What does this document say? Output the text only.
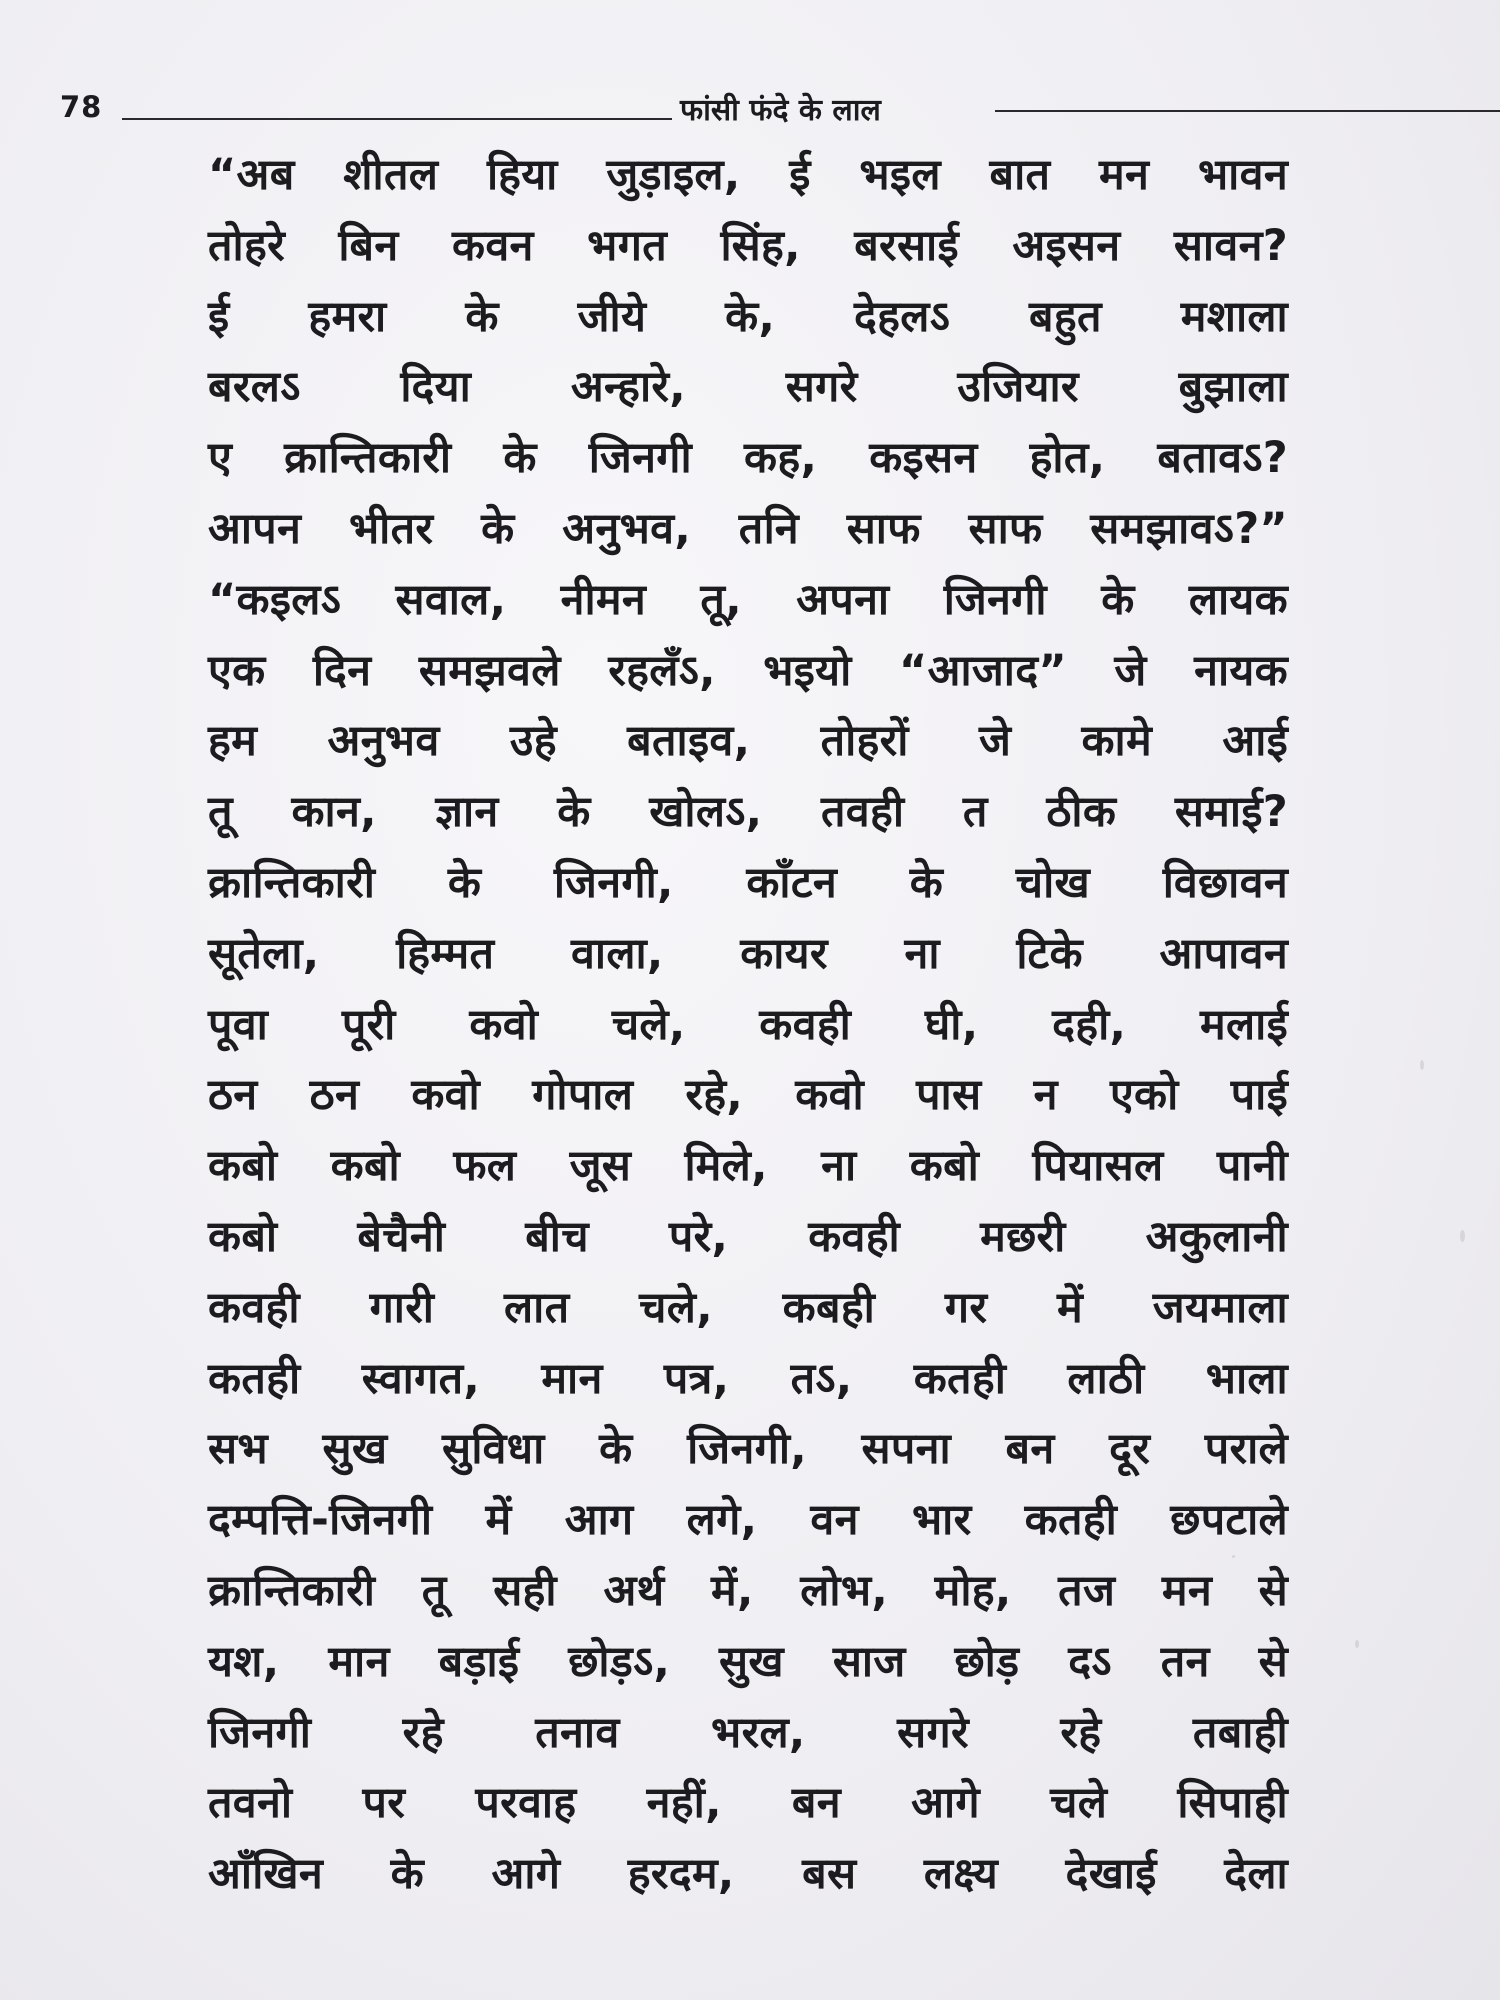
78	फांसी फंदे के लाल
“अब शीतल हिया जुड़ाइल, ई भइल बात मन भावन
तोहरे बिन कवन भगत सिंह, बरसाई अइसन सावन?
ई हमरा के जीये के, देहलऽ बहुत मशाला
बरलऽ दिया अन्हारे, सगरे उजियार बुझाला
ए क्रान्तिकारी के जिनगी कह, कइसन होत, बतावऽ?
आपन भीतर के अनुभव, तनि साफ साफ समझावऽ?”
“कइलऽ सवाल, नीमन तू, अपना जिनगी के लायक
एक दिन समझवले रहलँऽ, भइयो “आजाद” जे नायक
हम अनुभव उहे बताइव, तोहरों जे कामे आई
तू कान, ज्ञान के खोलऽ, तवही त ठीक समाई?
क्रान्तिकारी के जिनगी, काँटन के चोख विछावन
सूतेला, हिम्मत वाला, कायर ना टिके आपावन
पूवा पूरी कवो चले, कवही घी, दही, मलाई
ठन ठन कवो गोपाल रहे, कवो पास न एको पाई
कबो कबो फल जूस मिले, ना कबो पियासल पानी
कबो बेचैनी बीच परे, कवही मछरी अकुलानी
कवही गारी लात चले, कबही गर में जयमाला
कतही स्वागत, मान पत्र, तऽ, कतही लाठी भाला
सभ सुख सुविधा के जिनगी, सपना बन दूर पराले
दम्पत्ति-जिनगी में आग लगे, वन भार कतही छपटाले
क्रान्तिकारी तू सही अर्थ में, लोभ, मोह, तज मन से
यश, मान बड़ाई छोड़ऽ, सुख साज छोड़ दऽ तन से
जिनगी रहे तनाव भरल, सगरे रहे तबाही
तवनो पर परवाह नहीं, बन आगे चले सिपाही
आँखिन के आगे हरदम, बस लक्ष्य देखाई देला
